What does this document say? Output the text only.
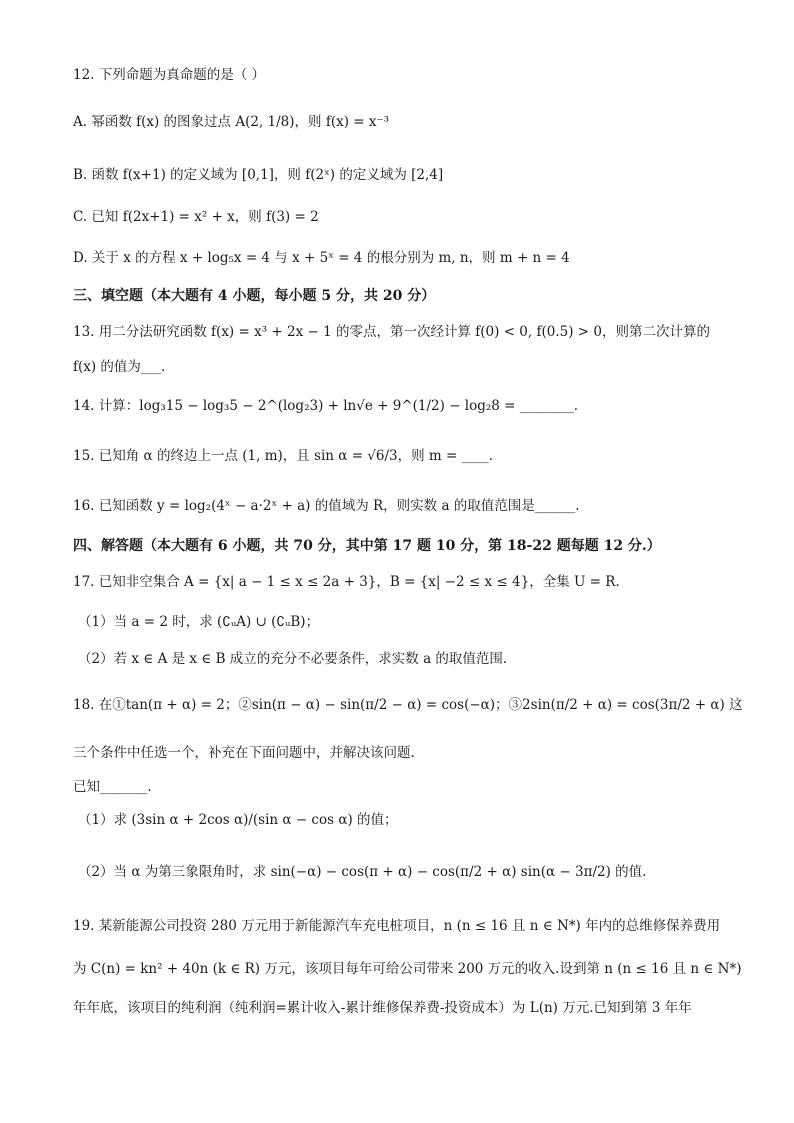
12. 下列命题为真命题的是（ ）
A. 幂函数 f(x) 的图象过点 A(2, 1/8)，则 f(x) = x⁻³
B. 函数 f(x+1) 的定义域为 [0,1]，则 f(2ˣ) 的定义域为 [2,4]
C. 已知 f(2x+1) = x² + x，则 f(3) = 2
D. 关于 x 的方程 x + log₅x = 4 与 x + 5ˣ = 4 的根分别为 m, n，则 m + n = 4
三、填空题（本大题有 4 小题，每小题 5 分，共 20 分）
13. 用二分法研究函数 f(x) = x³ + 2x − 1 的零点，第一次经计算 f(0) < 0, f(0.5) > 0，则第二次计算的
f(x) 的值为___.
14. 计算：log₃15 − log₃5 − 2^(log₂3) + ln√e + 9^(1/2) − log₂8 = ________.
15. 已知角 α 的终边上一点 (1, m)，且 sin α = √6/3，则 m = ____.
16. 已知函数 y = log₂(4ˣ − a·2ˣ + a) 的值域为 R，则实数 a 的取值范围是______.
四、解答题（本大题有 6 小题，共 70 分，其中第 17 题 10 分，第 18-22 题每题 12 分.）
17. 已知非空集合 A = {x| a − 1 ≤ x ≤ 2a + 3}，B = {x| −2 ≤ x ≤ 4}，全集 U = R.
（1）当 a = 2 时，求 (∁ᵤA) ∪ (∁ᵤB)；
（2）若 x ∈ A 是 x ∈ B 成立的充分不必要条件，求实数 a 的取值范围.
18. 在①tan(π + α) = 2；②sin(π − α) − sin(π/2 − α) = cos(−α)；③2sin(π/2 + α) = cos(3π/2 + α) 这
三个条件中任选一个，补充在下面问题中，并解决该问题.
已知_______.
（1）求 (3sin α + 2cos α)/(sin α − cos α) 的值；
（2）当 α 为第三象限角时，求 sin(−α) − cos(π + α) − cos(π/2 + α) sin(α − 3π/2) 的值.
19. 某新能源公司投资 280 万元用于新能源汽车充电桩项目，n (n ≤ 16 且 n ∈ N*) 年内的总维修保养费用
为 C(n) = kn² + 40n (k ∈ R) 万元，该项目每年可给公司带来 200 万元的收入.设到第 n (n ≤ 16 且 n ∈ N*)
年年底，该项目的纯利润（纯利润=累计收入-累计维修保养费-投资成本）为 L(n) 万元.已知到第 3 年年
